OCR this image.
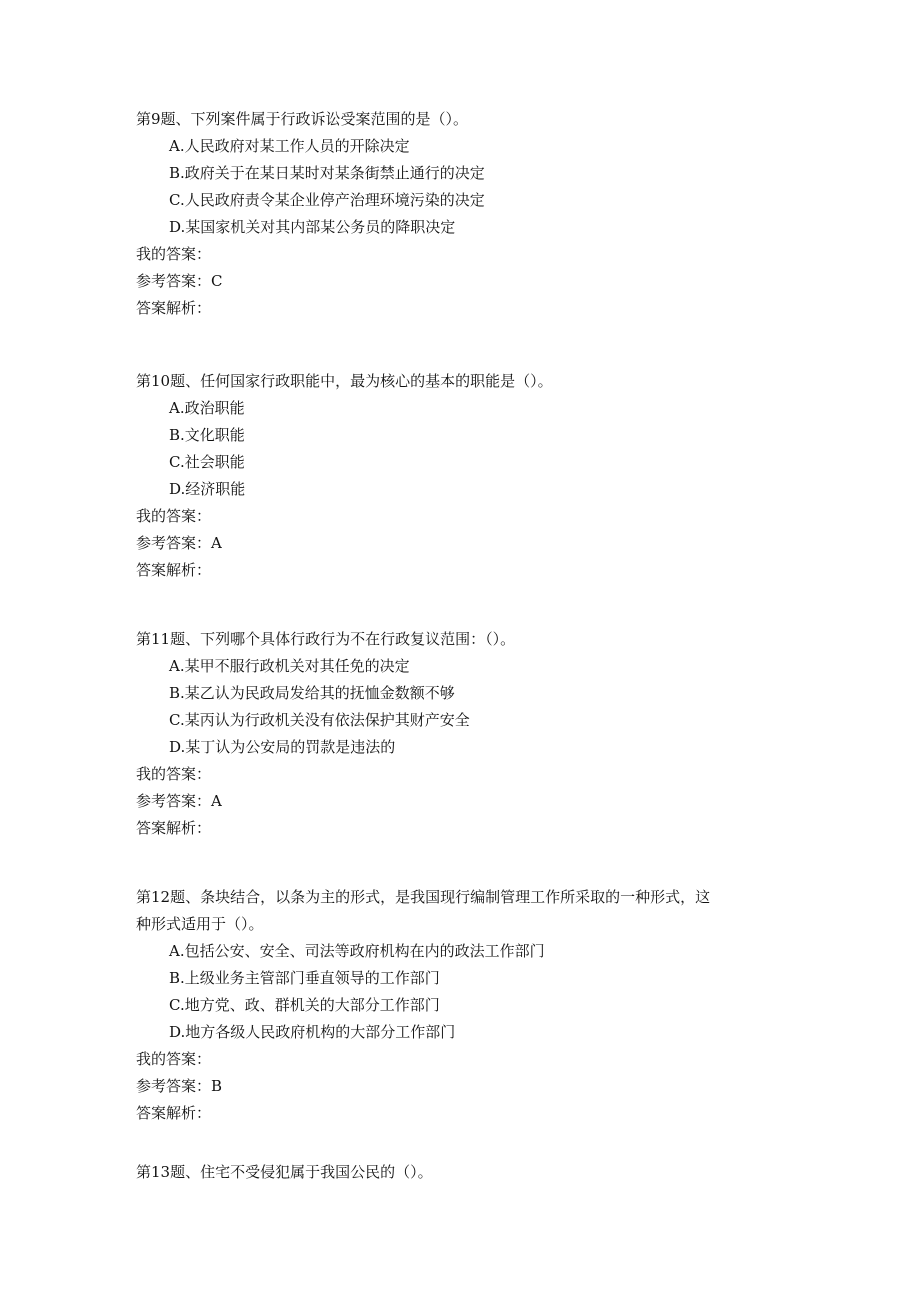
第9题、下列案件属于行政诉讼受案范围的是（）。
A.人民政府对某工作人员的开除决定
B.政府关于在某日某时对某条街禁止通行的决定
C.人民政府责令某企业停产治理环境污染的决定
D.某国家机关对其内部某公务员的降职决定
我的答案：
参考答案：C
答案解析：
第10题、任何国家行政职能中，最为核心的基本的职能是（）。
A.政治职能
B.文化职能
C.社会职能
D.经济职能
我的答案：
参考答案：A
答案解析：
第11题、下列哪个具体行政行为不在行政复议范围：（）。
A.某甲不服行政机关对其任免的决定
B.某乙认为民政局发给其的抚恤金数额不够
C.某丙认为行政机关没有依法保护其财产安全
D.某丁认为公安局的罚款是违法的
我的答案：
参考答案：A
答案解析：
第12题、条块结合，以条为主的形式，是我国现行编制管理工作所采取的一种形式，这
种形式适用于（）。
A.包括公安、安全、司法等政府机构在内的政法工作部门
B.上级业务主管部门垂直领导的工作部门
C.地方党、政、群机关的大部分工作部门
D.地方各级人民政府机构的大部分工作部门
我的答案：
参考答案：B
答案解析：
第13题、住宅不受侵犯属于我国公民的（）。
